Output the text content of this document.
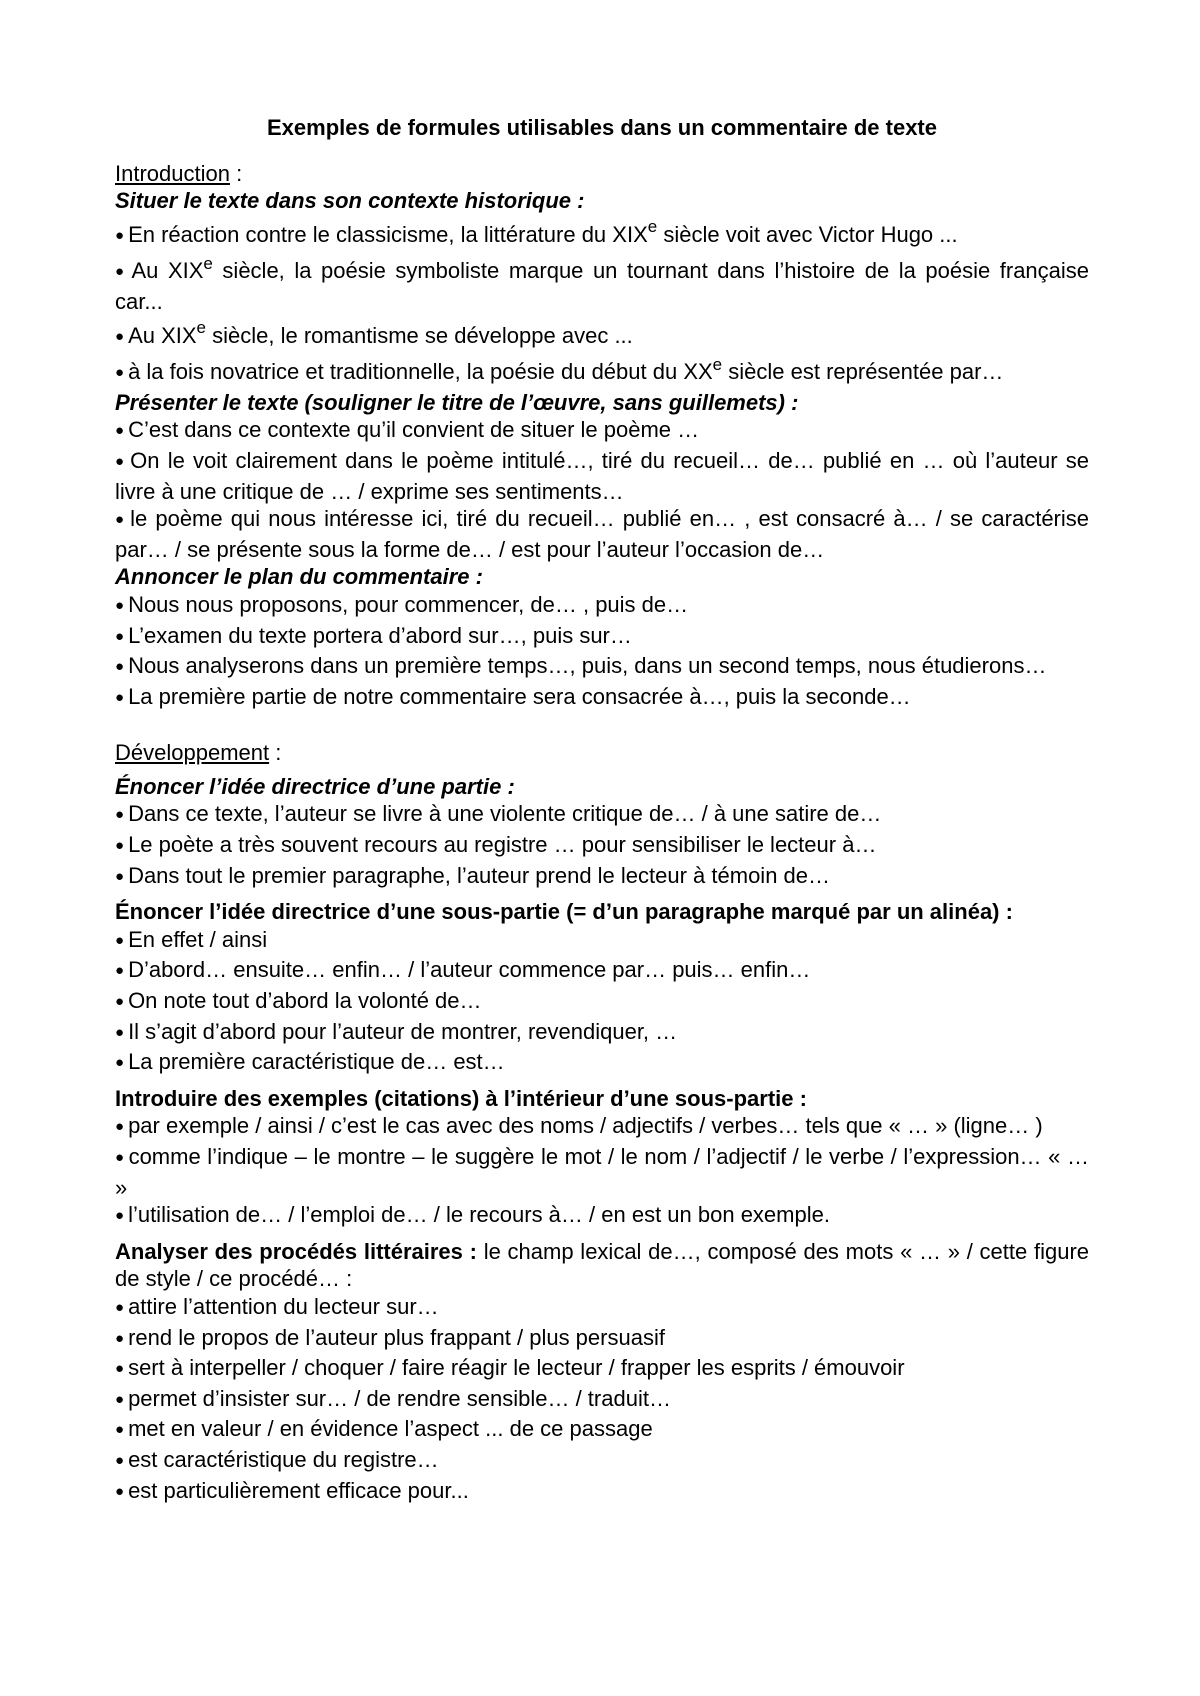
Exemples de formules utilisables dans un commentaire de texte

Introduction :

Situer le texte dans son contexte historique :

● En réaction contre le classicisme, la littérature du XIXe siècle voit avec Victor Hugo ...

● Au XIXe siècle, la poésie symboliste marque un tournant dans l’histoire de la poésie française car...

● Au XIXe siècle, le romantisme se développe avec ...

● à la fois novatrice et traditionnelle, la poésie du début du XXe siècle est représentée par…

Présenter le texte (souligner le titre de l’œuvre, sans guillemets) :

● C’est dans ce contexte qu’il convient de situer le poème …

● On le voit clairement dans le poème intitulé…, tiré du recueil… de… publié en … où l’auteur se livre à une critique de … / exprime ses sentiments…

● le poème qui nous intéresse ici, tiré du recueil… publié en… , est consacré à… / se caractérise par… / se présente sous la forme de… / est pour l’auteur l’occasion de…

Annoncer le plan du commentaire :

● Nous nous proposons, pour commencer, de… , puis de…

● L’examen du texte portera d’abord sur…, puis sur…

● Nous analyserons dans un première temps…, puis, dans un second temps, nous étudierons…

● La première partie de notre commentaire sera consacrée à…, puis la seconde…

Développement :

Énoncer l’idée directrice d’une partie :

● Dans ce texte, l’auteur se livre à une violente critique de… / à une satire de…

● Le poète a très souvent recours au registre … pour sensibiliser le lecteur à…

● Dans tout le premier paragraphe, l’auteur prend le lecteur à témoin de…

Énoncer l’idée directrice d’une sous-partie (= d’un paragraphe marqué par un alinéa) :

● En effet / ainsi

● D’abord… ensuite… enfin… / l’auteur commence par… puis… enfin…

● On note tout d’abord la volonté de…

● Il s’agit d’abord pour l’auteur de montrer, revendiquer, …

● La première caractéristique de… est…

Introduire des exemples (citations) à l’intérieur d’une sous-partie :

● par exemple / ainsi / c’est le cas avec des noms / adjectifs / verbes… tels que « … » (ligne… )

● comme l’indique – le montre – le suggère le mot / le nom / l’adjectif / le verbe / l’expression… « … »

● l’utilisation de… / l’emploi de… / le recours à… / en est un bon exemple.

Analyser des procédés littéraires : le champ lexical de…, composé des mots « … » / cette figure de style / ce procédé… :

● attire l’attention du lecteur sur…

● rend le propos de l’auteur plus frappant / plus persuasif

● sert à interpeller / choquer / faire réagir le lecteur / frapper les esprits / émouvoir

● permet d’insister sur… / de rendre sensible… / traduit…

● met en valeur / en évidence l’aspect ... de ce passage

● est caractéristique du registre…

● est particulièrement efficace pour...
